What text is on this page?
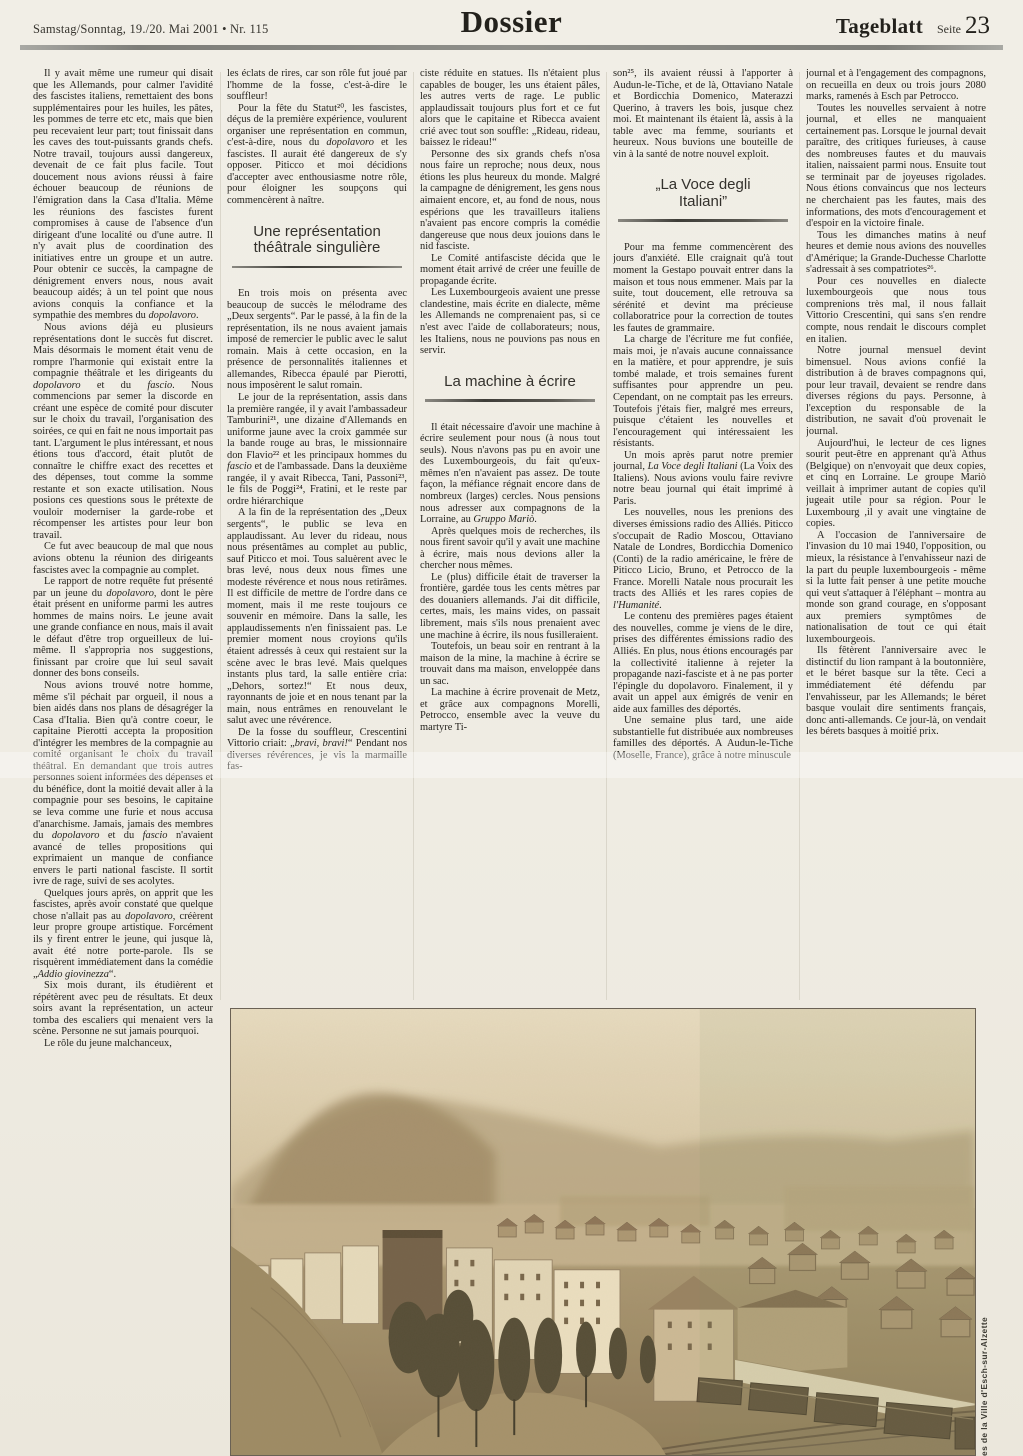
Samstag/Sonntag, 19./20. Mai 2001 • Nr. 115	Dossier	Tageblatt Seite 23

Il y avait même une rumeur qui disait que les Allemands, pour calmer l'avidité des fascistes italiens, remettaient des bons supplémentaires pour les huiles, les pâtes, les pommes de terre etc etc, mais que bien peu recevaient leur part; tout finissait dans les caves des tout-puissants grands chefs. Notre travail, toujours aussi dangereux, devenait de ce fait plus facile. Tout doucement nous avions réussi à faire échouer beaucoup de réunions de l'émigration dans la Casa d'Italia. Même les réunions des fascistes furent compromises à cause de l'absence d'un dirigeant d'une localité ou d'une autre. Il n'y avait plus de coordination des initiatives entre un groupe et un autre. Pour obtenir ce succès, la campagne de dénigrement envers nous, nous avait beaucoup aidés; à un tel point que nous avions conquis la confiance et la sympathie des membres du dopolavoro.

Nous avions déjà eu plusieurs représentations dont le succès fut discret. Mais désormais le moment était venu de rompre l'harmonie qui existait entre la compagnie théâtrale et les dirigeants du dopolavoro et du fascio. Nous commencions par semer la discorde en créant une espèce de comité pour discuter sur le choix du travail, l'organisation des soirées, ce qui en fait ne nous importait pas tant. L'argument le plus intéressant, et nous étions tous d'accord, était plutôt de connaître le chiffre exact des recettes et des dépenses, tout comme la somme restante et son exacte utilisation. Nous posions ces questions sous le prétexte de vouloir moderniser la garde-robe et récompenser les artistes pour leur bon travail.

Ce fut avec beaucoup de mal que nous avions obtenu la réunion des dirigeants fascistes avec la compagnie au complet.

Le rapport de notre requête fut présenté par un jeune du dopolavoro, dont le père était présent en uniforme parmi les autres hommes de mains noirs. Le jeune avait une grande confiance en nous, mais il avait le défaut d'être trop orgueilleux de lui-même. Il s'appropria nos suggestions, finissant par croire que lui seul savait donner des bons conseils.

Nous avions trouvé notre homme, même s'il péchait par orgueil, il nous a bien aidés dans nos plans de désagréger la Casa d'Italia. Bien qu'à contre coeur, le capitaine Pierotti accepta la proposition d'intégrer les membres de la compagnie au comité organisant le choix du travail théâtral. En demandant que trois autres personnes soient informées des dépenses et du bénéfice, dont la moitié devait aller à la compagnie pour ses besoins, le capitaine se leva comme une furie et nous accusa d'anarchisme. Jamais, jamais des membres du dopolavoro et du fascio n'avaient avancé de telles propositions qui exprimaient un manque de confiance envers le parti national fasciste. Il sortit ivre de rage, suivi de ses acolytes.

Quelques jours après, on apprit que les fascistes, après avoir constaté que quelque chose n'allait pas au dopolavoro, créèrent leur propre groupe artistique. Forcément ils y firent entrer le jeune, qui jusque là, avait été notre porte-parole. Ils se risquèrent immédiatement dans la comédie „Addio giovinezza“.

Six mois durant, ils étudièrent et répétèrent avec peu de résultats. Et deux soirs avant la représentation, un acteur tomba des escaliers qui menaient vers la scène. Personne ne sut jamais pourquoi.

Le rôle du jeune malchanceux,

les éclats de rires, car son rôle fut joué par l'homme de la fosse, c'est-à-dire le souffleur!

Pour la fête du Statut²⁰, les fascistes, déçus de la première expérience, voulurent organiser une représentation en commun, c'est-à-dire, nous du dopolavoro et les fascistes. Il aurait été dangereux de s'y opposer. Piticco et moi décidions d'accepter avec enthousiasme notre rôle, pour éloigner les soupçons qui commencèrent à naître.

Une représentation théâtrale singulière

En trois mois on présenta avec beaucoup de succès le mélodrame des „Deux sergents“. Par le passé, à la fin de la représentation, ils ne nous avaient jamais imposé de remercier le public avec le salut romain. Mais à cette occasion, en la présence de personnalités italiennes et allemandes, Ribecca épaulé par Pierotti, nous imposèrent le salut romain.

Le jour de la représentation, assis dans la première rangée, il y avait l'ambassadeur Tamburini²¹, une dizaine d'Allemands en uniforme jaune avec la croix gammée sur la bande rouge au bras, le missionnaire don Flavio²² et les principaux hommes du fascio et de l'ambassade. Dans la deuxième rangée, il y avait Ribecca, Tani, Passoni²³, le fils de Poggi²⁴, Fratini, et le reste par ordre hiérarchique

A la fin de la représentation des „Deux sergents“, le public se leva en applaudissant. Au lever du rideau, nous nous présentâmes au complet au public, sauf Piticco et moi. Tous saluèrent avec le bras levé, nous deux nous fîmes une modeste révérence et nous nous retirâmes. Il est difficile de mettre de l'ordre dans ce moment, mais il me reste toujours ce souvenir en mémoire. Dans la salle, les applaudissements n'en finissaient pas. Le premier moment nous croyions qu'ils étaient adressés à ceux qui restaient sur la scène avec le bras levé. Mais quelques instants plus tard, la salle entière cria: „Dehors, sortez!“ Et nous deux, rayonnants de joie et en nous tenant par la main, nous entrâmes en renouvelant le salut avec une révérence.

De la fosse du souffleur, Crescentini Vittorio criait: „bravi, bravi!“ Pendant nos diverses révérences, je vis la marmaille fas-

ciste réduite en statues. Ils n'étaient plus capables de bouger, les uns étaient pâles, les autres verts de rage. Le public applaudissait toujours plus fort et ce fut alors que le capitaine et Ribecca avaient crié avec tout son souffle: „Rideau, rideau, baissez le rideau!“

Personne des six grands chefs n'osa nous faire un reproche; nous deux, nous étions les plus heureux du monde. Malgré la campagne de dénigrement, les gens nous aimaient encore, et, au fond de nous, nous espérions que les travailleurs italiens n'avaient pas encore compris la comédie dangereuse que nous deux jouions dans le nid fasciste.

Le Comité antifasciste décida que le moment était arrivé de créer une feuille de propagande écrite.

Les Luxembourgeois avaient une presse clandestine, mais écrite en dialecte, même les Allemands ne comprenaient pas, si ce n'est avec l'aide de collaborateurs; nous, les Italiens, nous ne pouvions pas nous en servir.

La machine à écrire

Il était nécessaire d'avoir une machine à écrire seulement pour nous (à nous tout seuls). Nous n'avons pas pu en avoir une des Luxembourgeois, du fait qu'eux-mêmes n'en n'avaient pas assez. De toute façon, la méfiance régnait encore dans de nombreux (larges) cercles. Nous pensions nous adresser aux compagnons de la Lorraine, au Gruppo Mariò.

Après quelques mois de recherches, ils nous firent savoir qu'il y avait une machine à écrire, mais nous devions aller la chercher nous mêmes.

Le (plus) difficile était de traverser la frontière, gardée tous les cents mètres par des douaniers allemands. J'ai dit difficile, certes, mais, les mains vides, on passait librement, mais s'ils nous prenaient avec une machine à écrire, ils nous fusilleraient.

Toutefois, un beau soir en rentrant à la maison de la mine, la machine à écrire se trouvait dans ma maison, enveloppée dans un sac.

La machine à écrire provenait de Metz, et grâce aux compagnons Morelli, Petrocco, ensemble avec la veuve du martyre Ti-

son²⁵, ils avaient réussi à l'apporter à Audun-le-Tiche, et de là, Ottaviano Natale et Bordicchia Domenico, Materazzi Querino, à travers les bois, jusque chez moi. Et maintenant ils étaient là, assis à la table avec ma femme, souriants et heureux. Nous buvions une bouteille de vin à la santé de notre nouvel exploit.

„La Voce degli Italiani”

Pour ma femme commencèrent des jours d'anxiété. Elle craignait qu'à tout moment la Gestapo pouvait entrer dans la maison et tous nous emmener. Mais par la suite, tout doucement, elle retrouva sa sérénité et devint ma précieuse collaboratrice pour la correction de toutes les fautes de grammaire.

La charge de l'écriture me fut confiée, mais moi, je n'avais aucune connaissance en la matière, et pour apprendre, je suis tombé malade, et trois semaines furent suffisantes pour apprendre un peu. Cependant, on ne comptait pas les erreurs. Toutefois j'étais fier, malgré mes erreurs, puisque c'étaient les nouvelles et l'encouragement qui intéressaient les résistants.

Un mois après parut notre premier journal, La Voce degli Italiani (La Voix des Italiens). Nous avions voulu faire revivre notre beau journal qui était imprimé à Paris.

Les nouvelles, nous les prenions des diverses émissions radio des Alliés. Piticco s'occupait de Radio Moscou, Ottaviano Natale de Londres, Bordicchia Domenico (Conti) de la radio américaine, le frère de Piticco Licio, Bruno, et Petrocco de la France. Morelli Natale nous procurait les tracts des Alliés et les rares copies de l'Humanité.

Le contenu des premières pages étaient des nouvelles, comme je viens de le dire, prises des différentes émissions radio des Alliés. En plus, nous étions encouragés par la collectivité italienne à rejeter la propagande nazi-fasciste et à ne pas porter l'épingle du dopolavoro. Finalement, il y avait un appel aux émigrés de venir en aide aux familles des déportés.

Une semaine plus tard, une aide substantielle fut distribuée aux nombreuses familles des déportés. A Audun-le-Tiche (Moselle, France), grâce à notre minuscule

journal et à l'engagement des compagnons, on recueilla en deux ou trois jours 2080 marks, ramenés à Esch par Petrocco.

Toutes les nouvelles servaient à notre journal, et elles ne manquaient certainement pas. Lorsque le journal devait paraître, des critiques furieuses, à cause des nombreuses fautes et du mauvais italien, naissaient parmi nous. Ensuite tout se terminait par de joyeuses rigolades. Nous étions convaincus que nos lecteurs ne cherchaient pas les fautes, mais des informations, des mots d'encouragement et d'espoir en la victoire finale.

Tous les dimanches matins à neuf heures et demie nous avions des nouvelles d'Amérique; la Grande-Duchesse Charlotte s'adressait à ses compatriotes²⁶.

Pour ces nouvelles en dialecte luxembourgeois que nous tous comprenions très mal, il nous fallait Vittorio Crescentini, qui sans s'en rendre compte, nous rendait le discours complet en italien.

Notre journal mensuel devint bimensuel. Nous avions confié la distribution à de braves compagnons qui, pour leur travail, devaient se rendre dans diverses régions du pays. Personne, à l'exception du responsable de la distribution, ne savait d'où provenait le journal.

Aujourd'hui, le lecteur de ces lignes sourit peut-être en apprenant qu'à Athus (Belgique) on n'envoyait que deux copies, et cinq en Lorraine. Le groupe Mariò veillait à imprimer autant de copies qu'il jugeait utile pour sa région. Pour le Luxembourg ,il y avait une vingtaine de copies.

A l'occasion de l'anniversaire de l'invasion du 10 mai 1940, l'opposition, ou mieux, la résistance à l'envahisseur nazi de la part du peuple luxembourgeois - même si la lutte fait penser à une petite mouche qui veut s'attaquer à l'éléphant – montra au monde son grand courage, en s'opposant aux premiers symptômes de nationalisation de tout ce qui était luxembourgeois.

Ils fêtèrent l'anniversaire avec le distinctif du lion rampant à la boutonnière, et le béret basque sur la tête. Ceci a immédiatement été défendu par l'envahisseur, par les Allemands; le béret basque voulait dire sentiments français, donc anti-allemands. Ce jour-là, on vendait les bérets basques à moitié prix.

es de la Ville d'Esch-sur-Alzette
